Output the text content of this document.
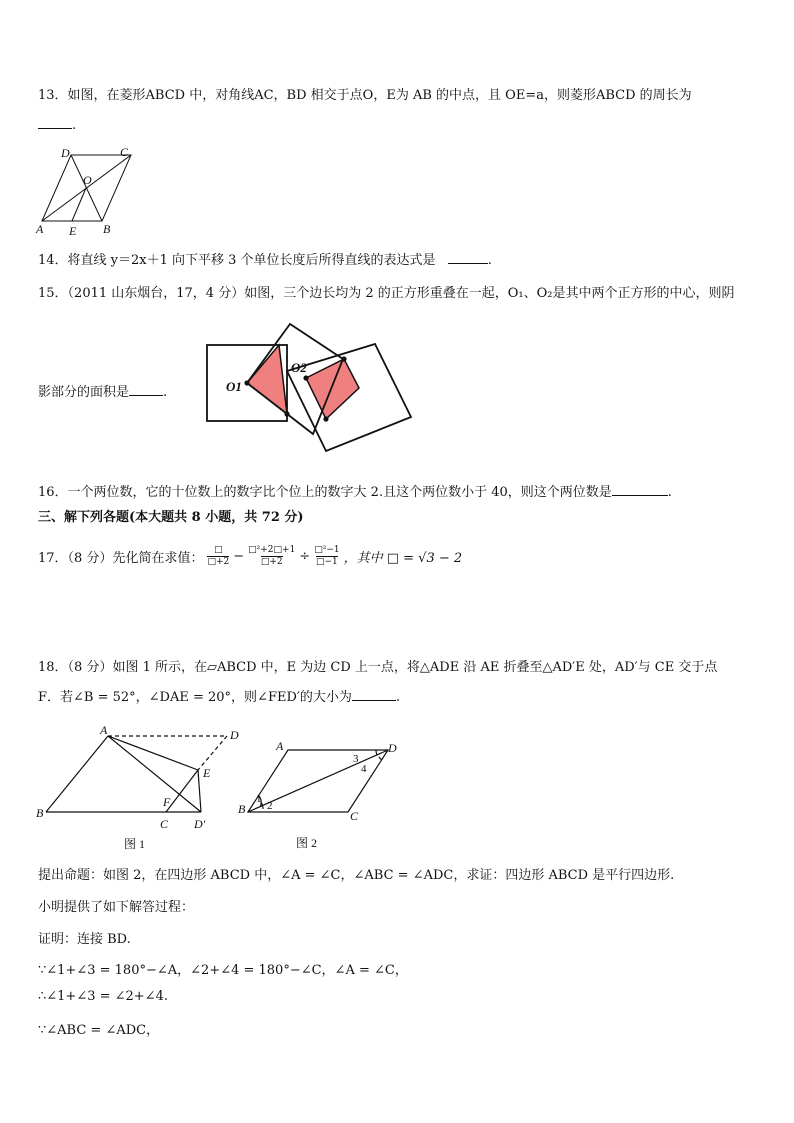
13．如图，在菱形ABCD 中，对角线AC，BD 相交于点O，E为 AB 的中点，且 OE=a，则菱形ABCD 的周长为
.
D	C
O
A E B
14．将直线 y＝2x＋1 向下平移 3 个单位长度后所得直线的表达式是	.
15．（2011 山东烟台，17，4 分）如图，三个边长均为 2 的正方形重叠在一起，O₁、O₂是其中两个正方形的中心，则阴
影部分的面积是	.	O1
O2
16．一个两位数，它的十位数上的数字比个位上的数字大 2.且这个两位数小于 40，则这个两位数是	.
三、解下列各题(本大题共 8 小题，共 72 分)
17．（8 分）先化简在求值：
□
□+2 − $\frac{\text{□²+2□+1}}{□+2} \div \frac{\text{□²−1}}{□-1}$ ，其中 □ = √3 − 2
18．（8 分）如图 1 所示，在▱ABCD 中，E 为边 CD 上一点，将△ADE 沿 AE 折叠至△AD′E 处，AD′与 CE 交于点
F．若∠B = 52°，∠DAE = 20°，则∠FED′的大小为	.
A	D
E
F
B
C D′
图 1
1
2
3
4
A	D
B	C
图 2
提出命题：如图 2，在四边形 ABCD 中，∠A = ∠C，∠ABC = ∠ADC，求证：四边形 ABCD 是平行四边形.
小明提供了如下解答过程：
证明：连接 BD.
∵∠1+∠3 = 180°−∠A，∠2+∠4 = 180°−∠C，∠A = ∠C，
∴∠1+∠3 = ∠2+∠4.
∵∠ABC = ∠ADC，
